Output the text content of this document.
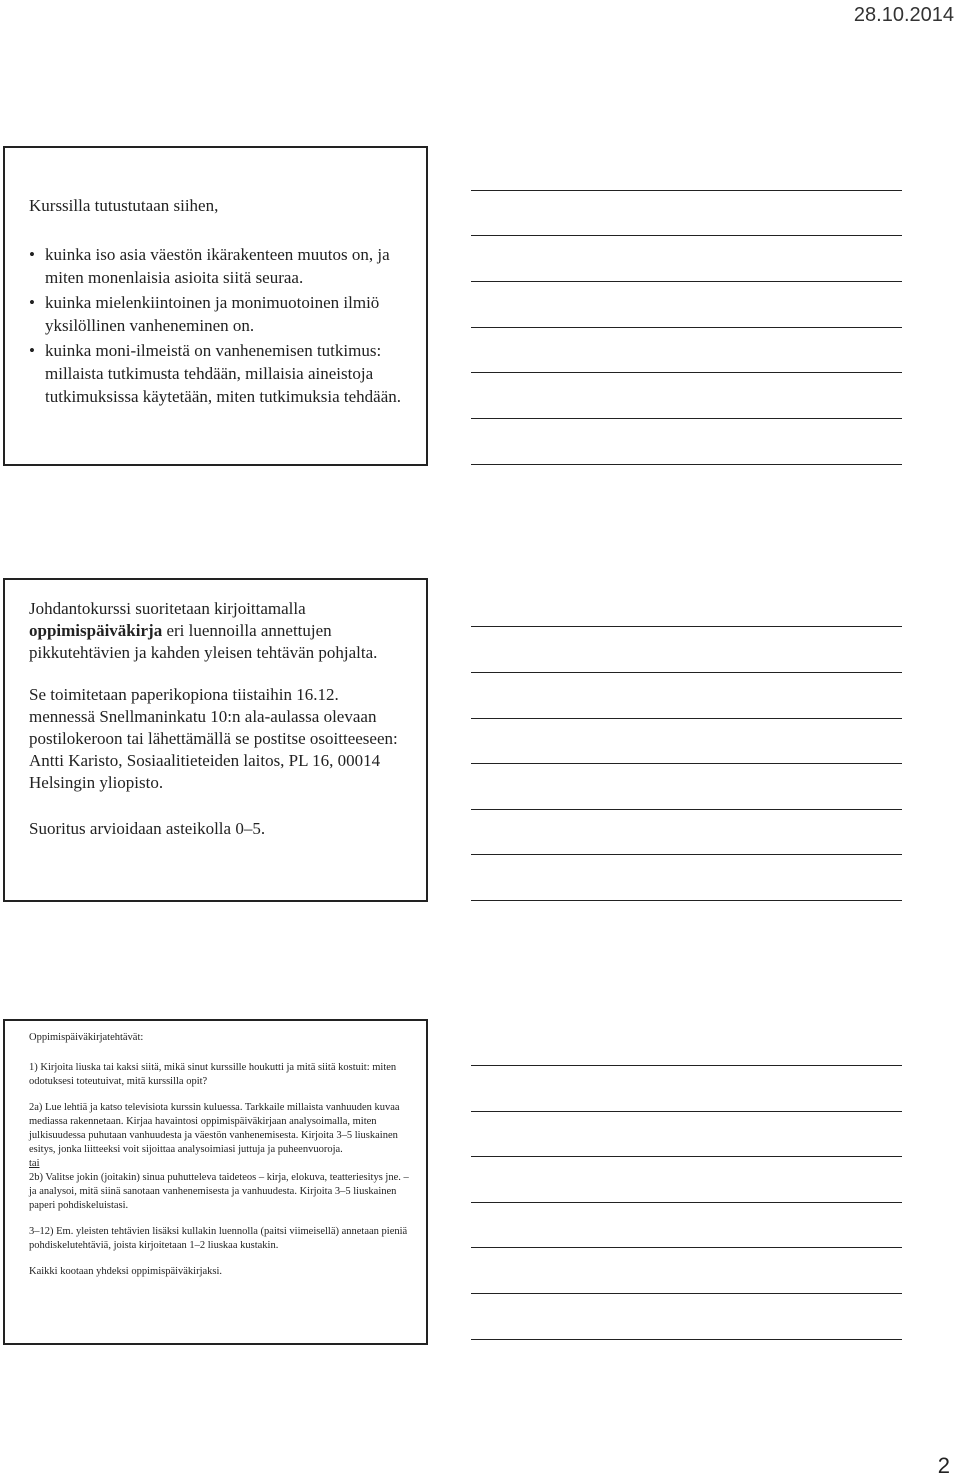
28.10.2014

Kurssilla tutustutaan siihen,

• kuinka iso asia väestön ikärakenteen muutos on, ja miten monenlaisia asioita siitä seuraa.
• kuinka mielenkiintoinen ja monimuotoinen ilmiö yksilöllinen vanheneminen on.
• kuinka moni-ilmeistä on vanhenemisen tutkimus: millaista tutkimusta tehdään, millaisia aineistoja tutkimuksissa käytetään, miten tutkimuksia tehdään.

Johdantokurssi suoritetaan kirjoittamalla oppimispäiväkirja eri luennoilla annettujen pikkutehtävien ja kahden yleisen tehtävän pohjalta.

Se toimitetaan paperikopiona tiistaihin 16.12. mennessä Snellmaninkatu 10:n ala-aulassa olevaan postilokeroon tai lähettämällä se postitse osoitteeseen: Antti Karisto, Sosiaalitieteiden laitos, PL 16, 00014 Helsingin yliopisto.

Suoritus arvioidaan asteikolla 0–5.

Oppimispäiväkirjatehtävät:

1) Kirjoita liuska tai kaksi siitä, mikä sinut kurssille houkutti ja mitä siitä kostuit: miten odotuksesi toteutuivat, mitä kurssilla opit?

2a) Lue lehtiä ja katso televisiota kurssin kuluessa. Tarkkaile millaista vanhuuden kuvaa mediassa rakennetaan. Kirjaa havaintosi oppimispäiväkirjaan analysoimalla, miten julkisuudessa puhutaan vanhuudesta ja väestön vanhenemisesta. Kirjoita 3–5 liuskainen esitys, jonka liitteeksi voit sijoittaa analysoimiasi juttuja ja puheenvuoroja.

tai

2b) Valitse jokin (joitakin) sinua puhutteleva taideteos – kirja, elokuva, teatteriesitys jne. – ja analysoi, mitä siinä sanotaan vanhenemisesta ja vanhuudesta. Kirjoita 3–5 liuskainen paperi pohdiskeluistasi.

3–12) Em. yleisten tehtävien lisäksi kullakin luennolla (paitsi viimeisellä) annetaan pieniä pohdiskelutehtäviä, joista kirjoitetaan 1–2 liuskaa kustakin.

Kaikki kootaan yhdeksi oppimispäiväkirjaksi.

2
